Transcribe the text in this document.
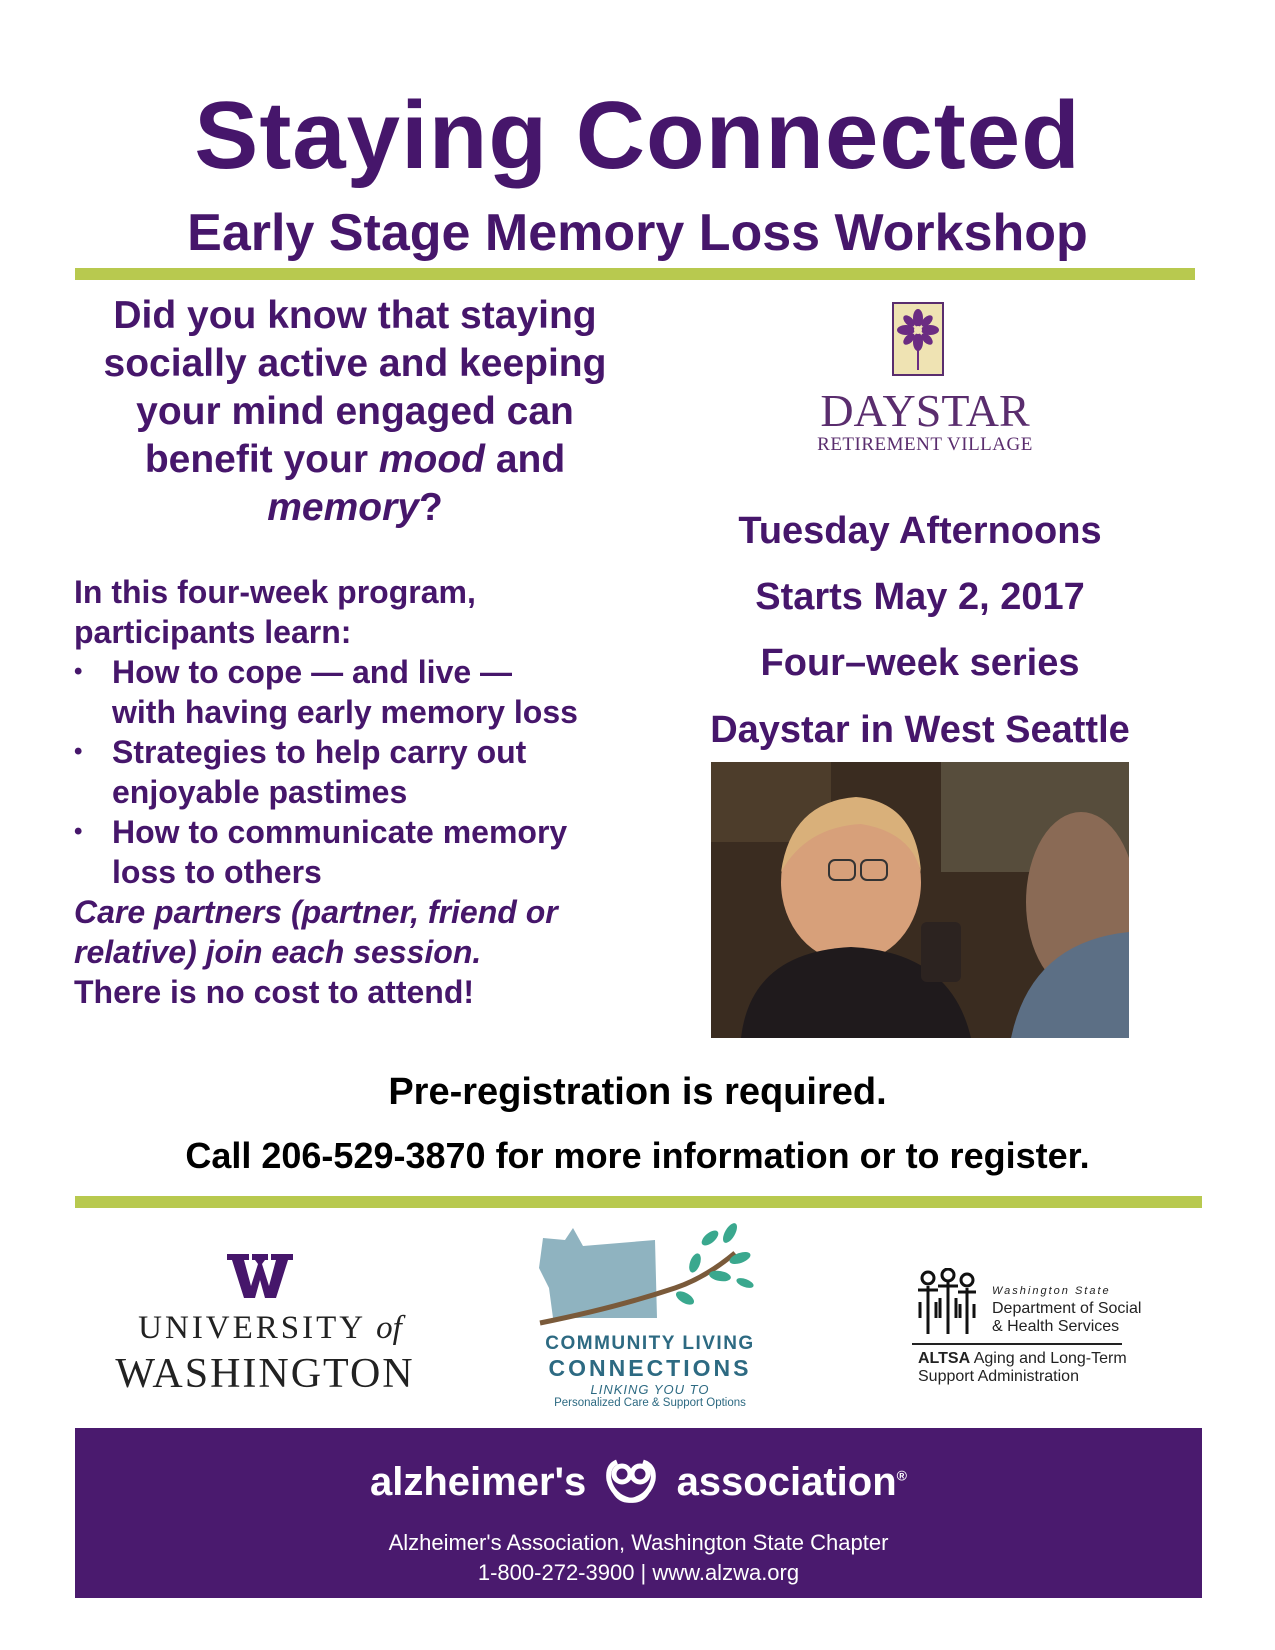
Staying Connected
Early Stage Memory Loss Workshop
Did you know that staying
socially active and keeping
your mind engaged can
benefit your mood and
memory?
In this four-week program,
participants learn:
• How to cope — and live —
with having early memory loss
• Strategies to help carry out
enjoyable pastimes
• How to communicate memory
loss to others
Care partners (partner, friend or
relative) join each session.
There is no cost to attend!
DAYSTAR
RETIREMENT VILLAGE
Tuesday Afternoons
Starts May 2, 2017
Four–week series
Daystar in West Seattle
Pre-registration is required.
Call 206-529-3870 for more information or to register.
UNIVERSITY of
WASHINGTON
COMMUNITY LIVING
CONNECTIONS
LINKING YOU TO
Personalized Care & Support Options
Washington State
Department of Social
& Health Services
ALTSA Aging and Long-Term
Support Administration
alzheimer's association®
Alzheimer's Association, Washington State Chapter
1-800-272-3900 | www.alzwa.org
